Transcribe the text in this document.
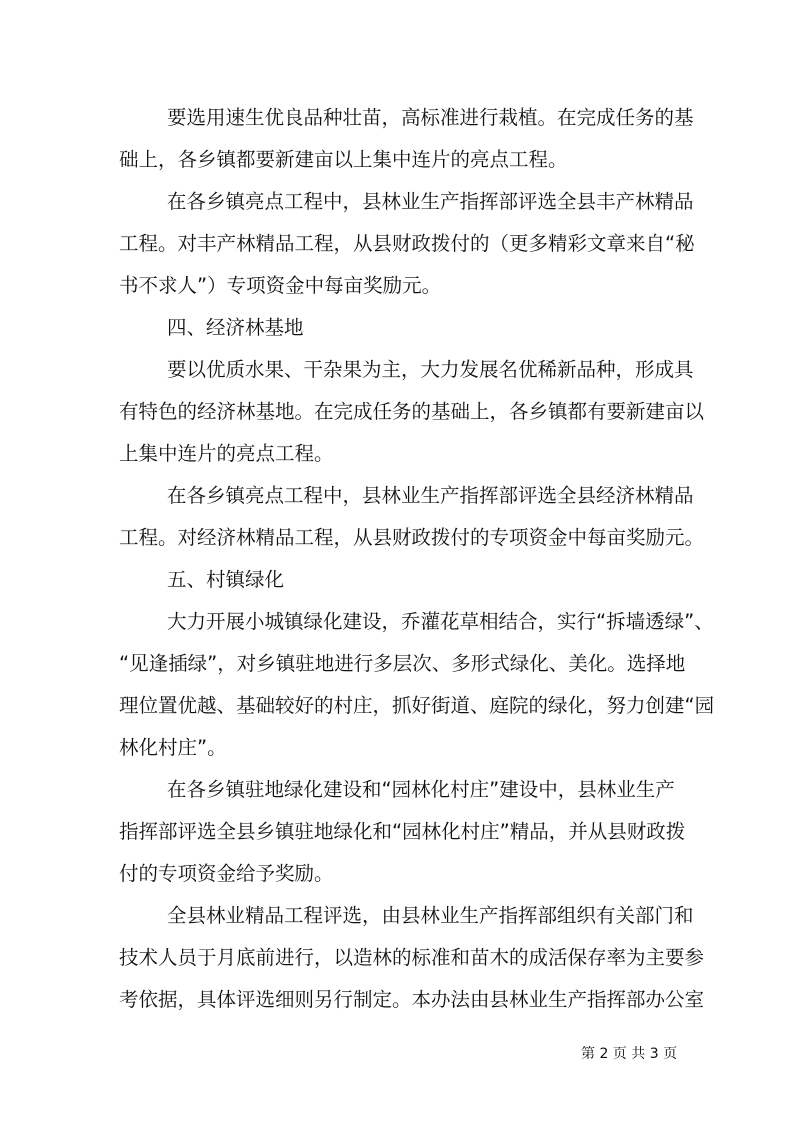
要选用速生优良品种壮苗，高标准进行栽植。在完成任务的基
础上，各乡镇都要新建亩以上集中连片的亮点工程。
在各乡镇亮点工程中，县林业生产指挥部评选全县丰产林精品
工程。对丰产林精品工程，从县财政拨付的（更多精彩文章来自“秘
书不求人”）专项资金中每亩奖励元。
四、经济林基地
要以优质水果、干杂果为主，大力发展名优稀新品种，形成具
有特色的经济林基地。在完成任务的基础上，各乡镇都有要新建亩以
上集中连片的亮点工程。
在各乡镇亮点工程中，县林业生产指挥部评选全县经济林精品
工程。对经济林精品工程，从县财政拨付的专项资金中每亩奖励元。
五、村镇绿化
大力开展小城镇绿化建设，乔灌花草相结合，实行“拆墙透绿”、
“见逢插绿”，对乡镇驻地进行多层次、多形式绿化、美化。选择地
理位置优越、基础较好的村庄，抓好街道、庭院的绿化，努力创建“园
林化村庄”。
在各乡镇驻地绿化建设和“园林化村庄”建设中，县林业生产
指挥部评选全县乡镇驻地绿化和“园林化村庄”精品，并从县财政拨
付的专项资金给予奖励。
全县林业精品工程评选，由县林业生产指挥部组织有关部门和
技术人员于月底前进行，以造林的标准和苗木的成活保存率为主要参
考依据，具体评选细则另行制定。本办法由县林业生产指挥部办公室
第 2 页 共 3 页
